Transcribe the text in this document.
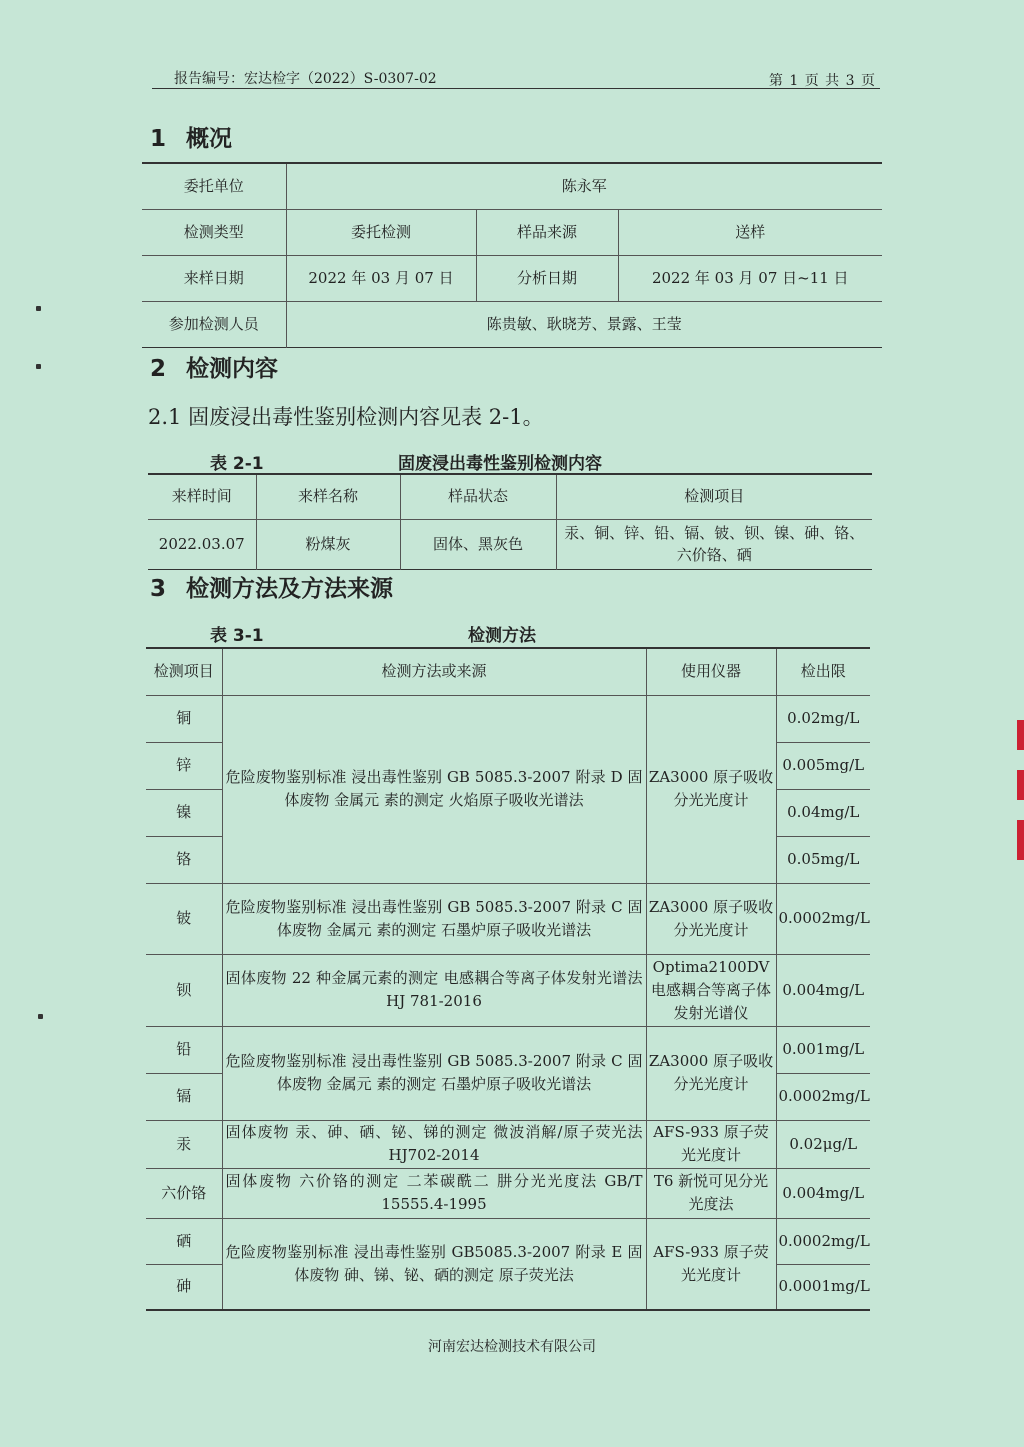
报告编号：宏达检字（2022）S-0307-02	第 1 页 共 3 页
1 概况
委托单位	陈永军		
检测类型	委托检测	样品来源	送样
来样日期	2022 年 03 月 07 日	分析日期	2022 年 03 月 07 日~11 日
参加检测人员	陈贵敏、耿晓芳、景露、王莹		
2 检测内容
2.1 固废浸出毒性鉴别检测内容见表 2-1。
表 2-1	固废浸出毒性鉴别检测内容
来样时间	来样名称	样品状态	检测项目
2022.03.07	粉煤灰	固体、黑灰色	汞、铜、锌、铅、镉、铍、钡、镍、砷、铬、六价铬、硒
3 检测方法及方法来源
表 3-1	检测方法
检测项目	检测方法或来源	使用仪器	检出限
铜	危险废物鉴别标准 浸出毒性鉴别 GB 5085.3-2007 附录 D 固体废物 金属元 素的测定 火焰原子吸收光谱法	ZA3000 原子吸收分光光度计	0.02mg/L
锌			0.005mg/L
镍			0.04mg/L
铬			0.05mg/L
铍	危险废物鉴别标准 浸出毒性鉴别 GB 5085.3-2007 附录 C 固体废物 金属元 素的测定 石墨炉原子吸收光谱法	ZA3000 原子吸收分光光度计	0.0002mg/L
钡	固体废物 22 种金属元素的测定 电感耦合等离子体发射光谱法 HJ 781-2016	Optima2100DV 电感耦合等离子体发射光谱仪	0.004mg/L
铅	危险废物鉴别标准 浸出毒性鉴别 GB 5085.3-2007 附录 C 固体废物 金属元 素的测定 石墨炉原子吸收光谱法	ZA3000 原子吸收分光光度计	0.001mg/L
镉			0.0002mg/L
汞	固体废物 汞、砷、硒、铋、锑的测定 微波消解/原子荧光法 HJ702-2014	AFS-933 原子荧光光度计	0.02μg/L
六价铬	固体废物 六价铬的测定 二苯碳酰二 肼分光光度法 GB/T 15555.4-1995	T6 新悦可见分光光度法	0.004mg/L
硒	危险废物鉴别标准 浸出毒性鉴别 GB5085.3-2007 附录 E 固体废物 砷、锑、铋、硒的测定 原子荧光法	AFS-933 原子荧光光度计	0.0002mg/L
砷			0.0001mg/L
河南宏达检测技术有限公司
